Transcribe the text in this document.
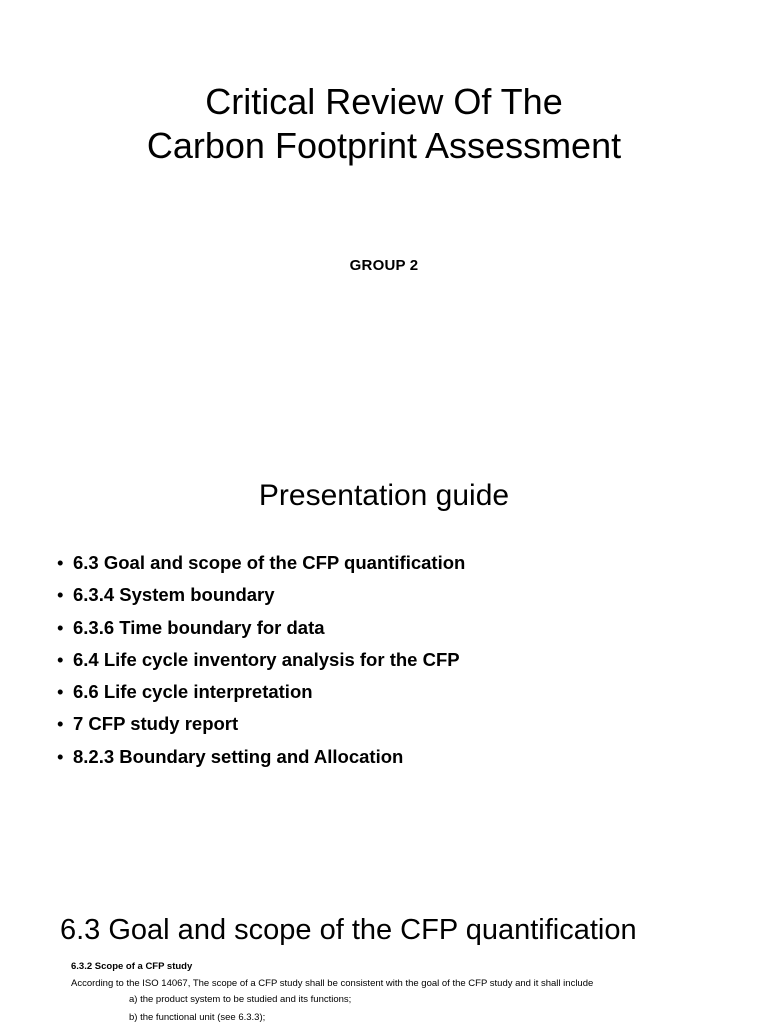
Critical Review Of The
Carbon Footprint Assessment
GROUP 2
Presentation guide
• 6.3 Goal and scope of the CFP quantification
• 6.3.4 System boundary
• 6.3.6 Time boundary for data
• 6.4 Life cycle inventory analysis for the CFP
• 6.6 Life cycle interpretation
• 7 CFP study report
• 8.2.3 Boundary setting and Allocation
6.3 Goal and scope of the CFP quantification
6.3.2 Scope of a CFP study
According to the ISO 14067, The scope of a CFP study shall be consistent with the goal of the CFP study and it shall include
a) the product system to be studied and its functions;
b) the functional unit (see 6.3.3);
